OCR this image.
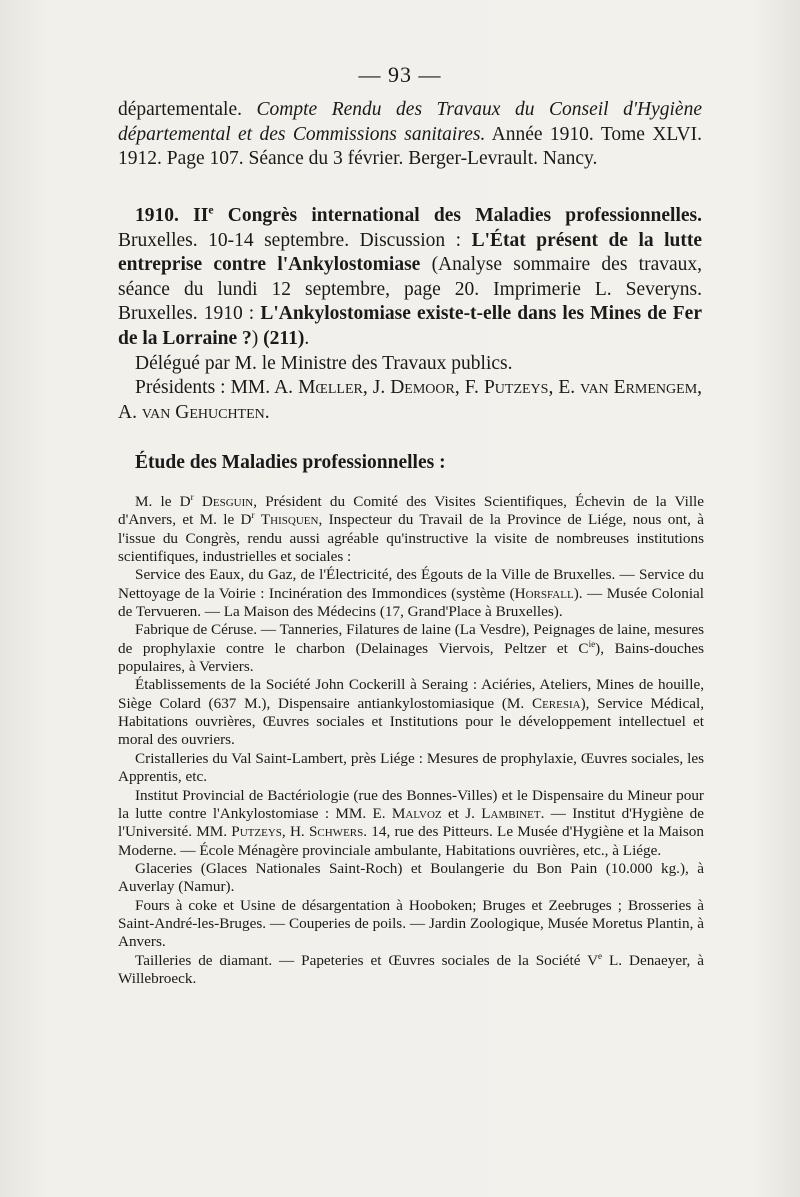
— 93 —
départementale. Compte Rendu des Travaux du Conseil d'Hygiène départemental et des Commissions sanitaires. Année 1910. Tome XLVI. 1912. Page 107. Séance du 3 février. Berger-Levrault. Nancy.

1910. IIe Congrès international des Maladies professionnelles. Bruxelles. 10-14 septembre. Discussion : L'État présent de la lutte entreprise contre l'Ankylostomiase (Analyse sommaire des travaux, séance du lundi 12 septembre, page 20. Imprimerie L. Severyns. Bruxelles. 1910 : L'Ankylostomiase existe-t-elle dans les Mines de Fer de la Lorraine ?) (211).

Délégué par M. le Ministre des Travaux publics.

Présidents : MM. A. Mœller, J. Demoor, F. Putzeys, E. van Ermengem, A. van Gehuchten.

Étude des Maladies professionnelles :

M. le $D^r$ Desguin, Président du Comité des Visites Scientifiques, Échevin de la Ville d'Anvers, et M. le $D^r$ Thisquen, Inspecteur du Travail de la Province de Liége, nous ont, à l'issue du Congrès, rendu aussi agréable qu'instructive la visite de nombreuses institutions scientifiques, industrielles et sociales :

Service des Eaux, du Gaz, de l'Électricité, des Égouts de la Ville de Bruxelles. — Service du Nettoyage de la Voirie : Incinération des Immondices (système (Horsfall). — Musée Colonial de Tervueren. — La Maison des Médecins (17, Grand'Place à Bruxelles).

Fabrique de Céruse. — Tanneries, Filatures de laine (La Vesdre), Peignages de laine, mesures de prophylaxie contre le charbon (Delainages Viervois, Peltzer et $C^{ie}$), Bains-douches populaires, à Verviers.

Établissements de la Société John Cockerill à Seraing : Aciéries, Ateliers, Mines de houille, Siège Colard (637 M.), Dispensaire antiankylostomiasique (M. Ceresia), Service Médical, Habitations ouvrières, Œuvres sociales et Institutions pour le développement intellectuel et moral des ouvriers.

Cristalleries du Val Saint-Lambert, près Liége : Mesures de prophylaxie, Œuvres sociales, les Apprentis, etc.

Institut Provincial de Bactériologie (rue des Bonnes-Villes) et le Dispensaire du Mineur pour la lutte contre l'Ankylostomiase : MM. E. Malvoz et J. Lambinet. — Institut d'Hygiène de l'Université. MM. Putzeys, H. Schwers. 14, rue des Pitteurs. Le Musée d'Hygiène et la Maison Moderne. — École Ménagère provinciale ambulante, Habitations ouvrières, etc., à Liége.

Glaceries (Glaces Nationales Saint-Roch) et Boulangerie du Bon Pain (10.000 kg.), à Auverlay (Namur).

Fours à coke et Usine de désargentation à Hooboken; Bruges et Zeebruges ; Brosseries à Saint-André-les-Bruges. — Couperies de poils. — Jardin Zoologique, Musée Moretus Plantin, à Anvers.

Tailleries de diamant. — Papeteries et Œuvres sociales de la Société Ve L. Denaeyer, à Willebroeck.
